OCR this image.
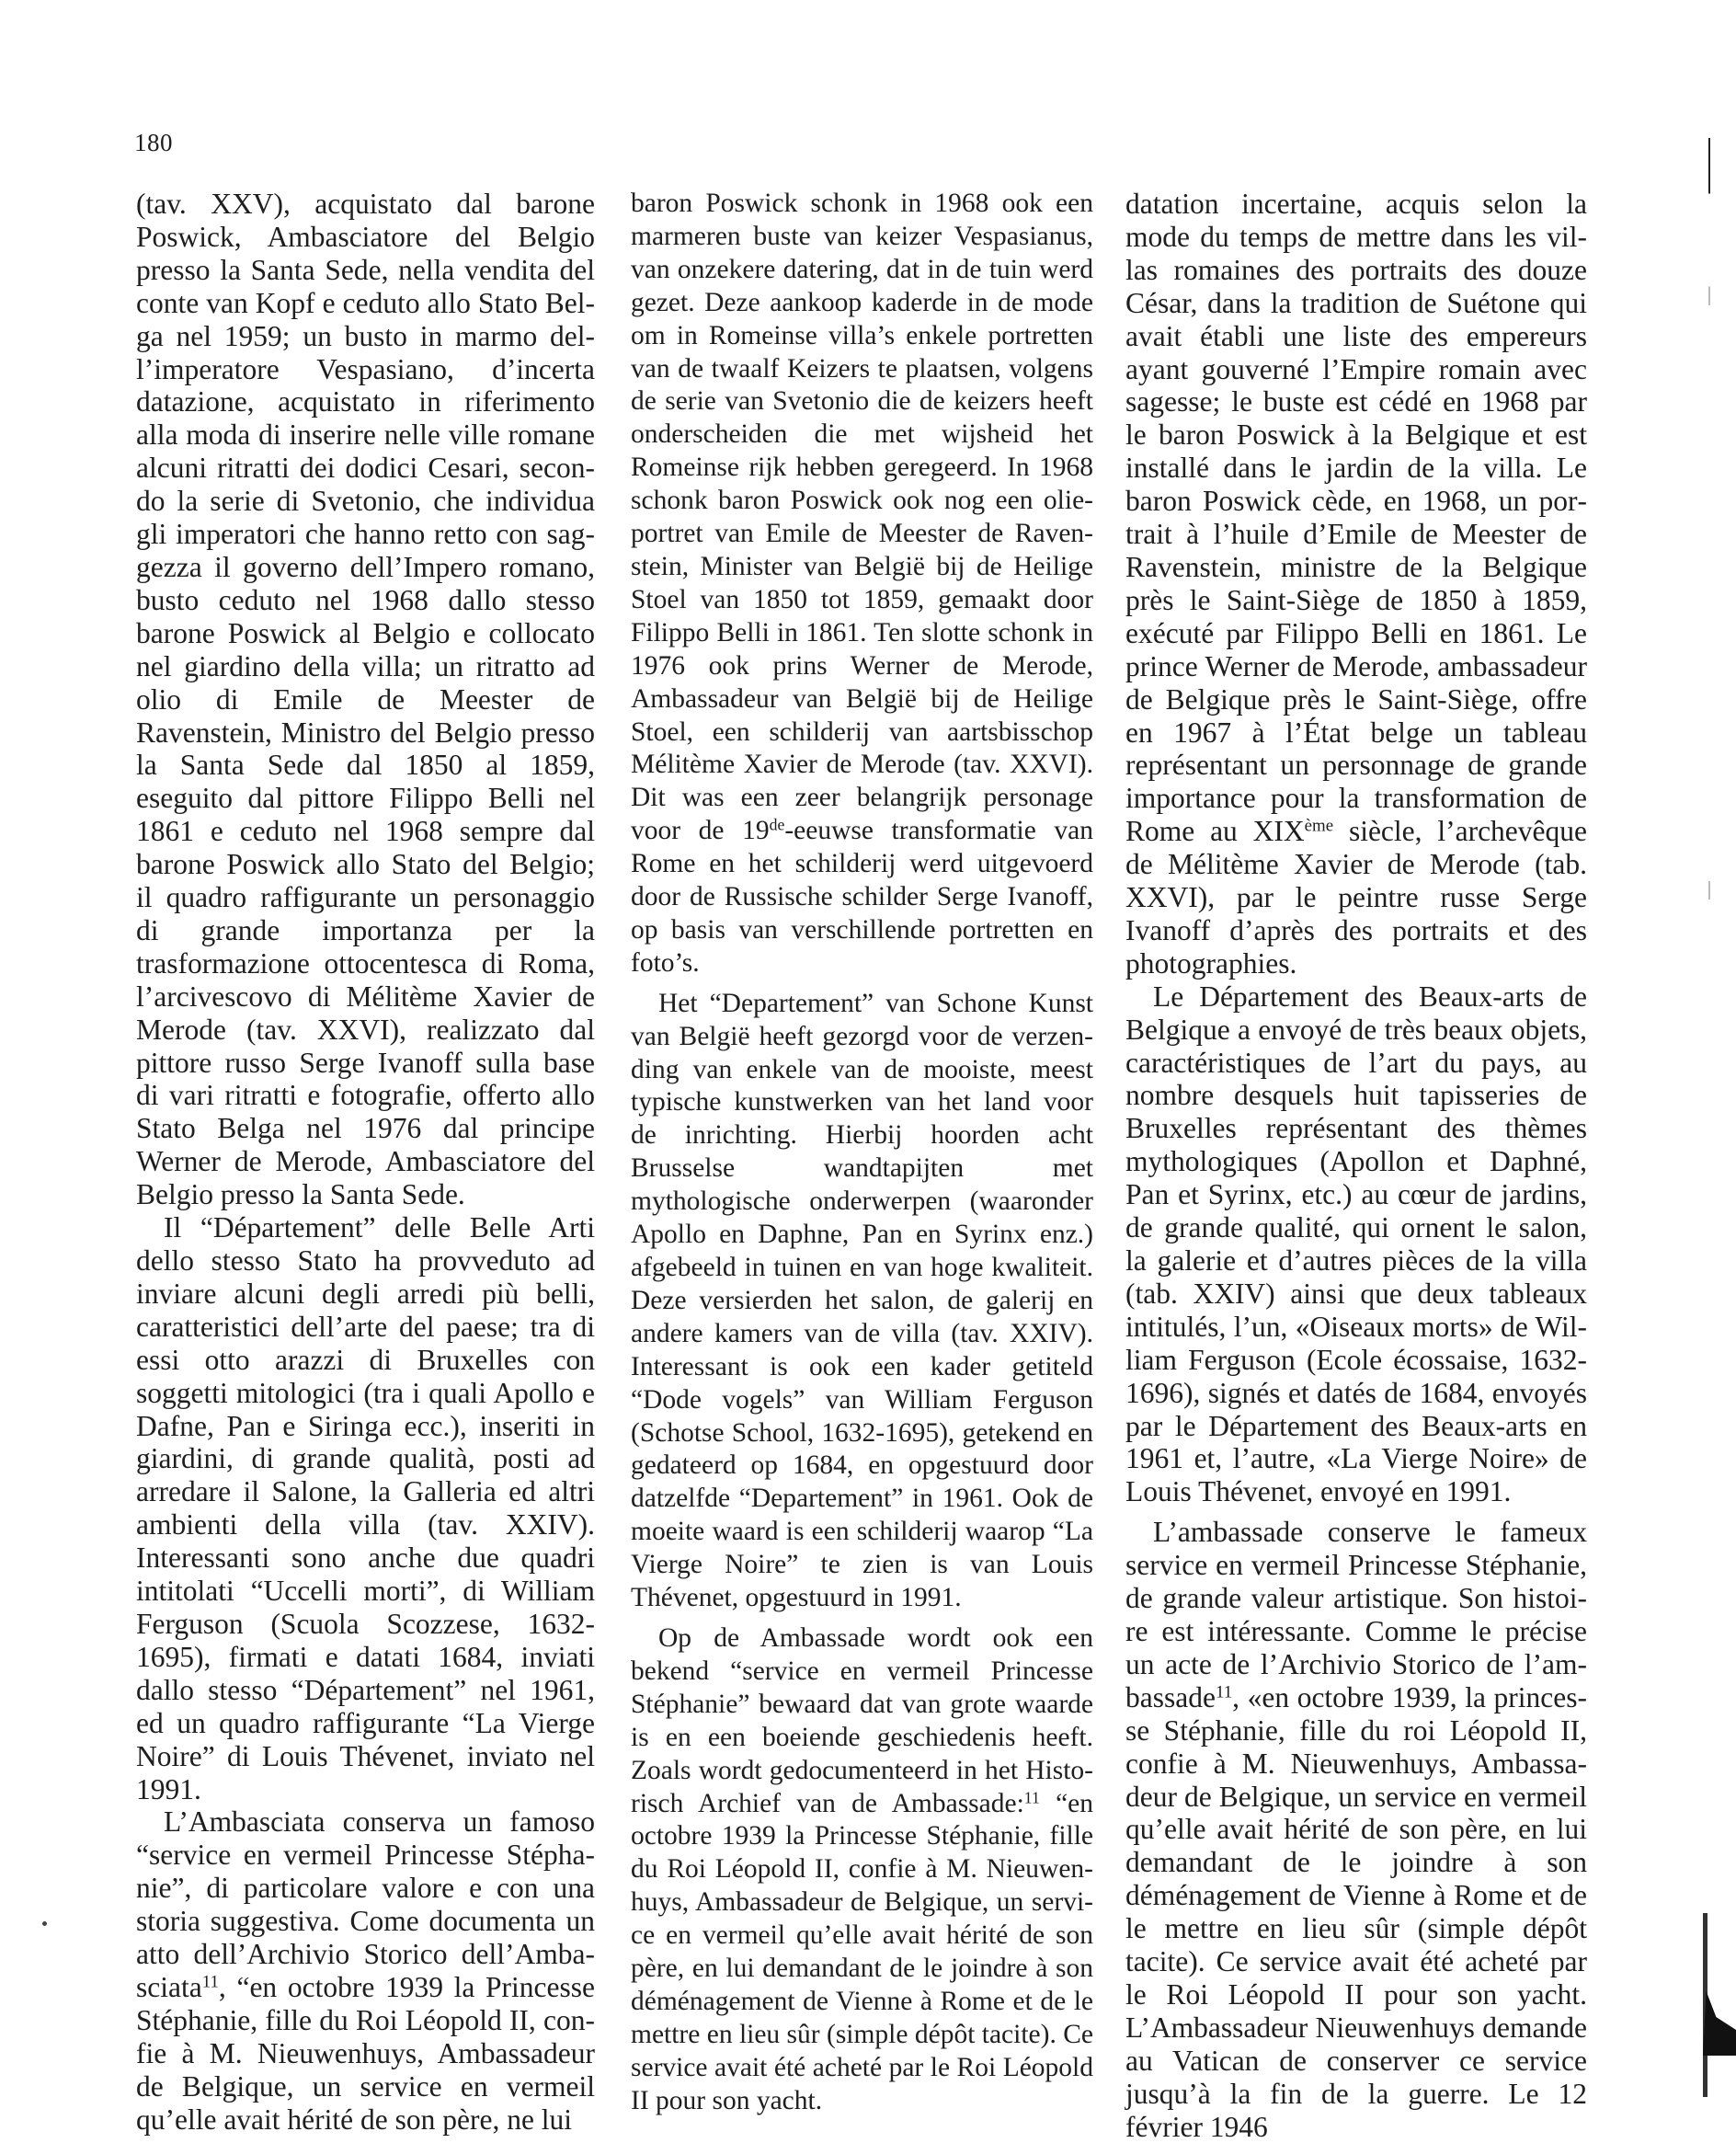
180

(tav. XXV), acquistato dal barone Poswick, Ambasciatore del Belgio presso la Santa Sede, nella vendita del conte van Kopf e ceduto allo Stato Belga nel 1959; un busto in marmo dell’imperatore Vespasiano, d’incerta datazione, acquistato in riferimento alla moda di inserire nelle ville romane alcuni ritratti dei dodici Cesari, secondo la serie di Svetonio, che individua gli imperatori che hanno retto con saggezza il governo dell’Impero romano, busto ceduto nel 1968 dallo stesso barone Poswick al Belgio e collocato nel giardino della villa; un ritratto ad olio di Emile de Meester de Ravenstein, Ministro del Belgio presso la Santa Sede dal 1850 al 1859, eseguito dal pittore Filippo Belli nel 1861 e ceduto nel 1968 sempre dal barone Poswick allo Stato del Belgio; il quadro raffigurante un personaggio di grande importanza per la trasformazione ottocentesca di Roma, l’arcivescovo di Mélitème Xavier de Merode (tav. XXVI), realizzato dal pittore russo Serge Ivanoff sulla base di vari ritratti e fotografie, offerto allo Stato Belga nel 1976 dal principe Werner de Merode, Ambasciatore del Belgio presso la Santa Sede.

Il “Département” delle Belle Arti dello stesso Stato ha provveduto ad inviare alcuni degli arredi più belli, caratteristici dell’arte del paese; tra di essi otto arazzi di Bruxelles con soggetti mitologici (tra i quali Apollo e Dafne, Pan e Siringa ecc.), inseriti in giardini, di grande qualità, posti ad arredare il Salone, la Galleria ed altri ambienti della villa (tav. XXIV). Interessanti sono anche due quadri intitolati “Uccelli morti”, di William Ferguson (Scuola Scozzese, 1632-1695), firmati e datati 1684, inviati dallo stesso “Département” nel 1961, ed un quadro raffigurante “La Vierge Noire” di Louis Thévenet, inviato nel 1991.

L’Ambasciata conserva un famoso “service en vermeil Princesse Stéphanie”, di particolare valore e con una storia suggestiva. Come documenta un atto dell’Archivio Storico dell’Ambasciata$^{11}$, “en octobre 1939 la Princesse Stéphanie, fille du Roi Léopold II, confie à M. Nieuwenhuys, Ambassadeur de Belgique, un service en vermeil qu’elle avait hérité de son père, ne lui

baron Poswick schonk in 1968 ook een marmeren buste van keizer Vespasianus, van onzekere datering, dat in de tuin werd gezet. Deze aankoop kaderde in de mode om in Romeinse villa’s enkele portretten van de twaalf Keizers te plaatsen, volgens de serie van Svetonio die de keizers heeft onderscheiden die met wijsheid het Romeinse rijk hebben geregeerd. In 1968 schonk baron Poswick ook nog een olieportret van Emile de Meester de Ravenstein, Minister van België bij de Heilige Stoel van 1850 tot 1859, gemaakt door Filippo Belli in 1861. Ten slotte schonk in 1976 ook prins Werner de Merode, Ambassadeur van België bij de Heilige Stoel, een schilderij van aartsbisschop Mélitème Xavier de Merode (tav. XXVI). Dit was een zeer belangrijk personage voor de 19de-eeuwse transformatie van Rome en het schilderij werd uitgevoerd door de Russische schilder Serge Ivanoff, op basis van verschillende portretten en foto’s.

Het “Departement” van Schone Kunst van België heeft gezorgd voor de verzending van enkele van de mooiste, meest typische kunstwerken van het land voor de inrichting. Hierbij hoorden acht Brusselse wandtapijten met mythologische onderwerpen (waaronder Apollo en Daphne, Pan en Syrinx enz.) afgebeeld in tuinen en van hoge kwaliteit. Deze versierden het salon, de galerij en andere kamers van de villa (tav. XXIV). Interessant is ook een kader getiteld “Dode vogels” van William Ferguson (Schotse School, 1632-1695), getekend en gedateerd op 1684, en opgestuurd door datzelfde “Departement” in 1961. Ook de moeite waard is een schilderij waarop “La Vierge Noire” te zien is van Louis Thévenet, opgestuurd in 1991.

Op de Ambassade wordt ook een bekend “service en vermeil Princesse Stéphanie” bewaard dat van grote waarde is en een boeiende geschiedenis heeft. Zoals wordt gedocumenteerd in het Historisch Archief van de Ambassade:$^{11}$ “en octobre 1939 la Princesse Stéphanie, fille du Roi Léopold II, confie à M. Nieuwenhuys, Ambassadeur de Belgique, un service en vermeil qu’elle avait hérité de son père, en lui demandant de le joindre à son déménagement de Vienne à Rome et de le mettre en lieu sûr (simple dépôt tacite). Ce service avait été acheté par le Roi Léopold II pour son yacht.

datation incertaine, acquis selon la mode du temps de mettre dans les villas romaines des portraits des douze César, dans la tradition de Suétone qui avait établi une liste des empereurs ayant gouverné l’Empire romain avec sagesse; le buste est cédé en 1968 par le baron Poswick à la Belgique et est installé dans le jardin de la villa. Le baron Poswick cède, en 1968, un portrait à l’huile d’Emile de Meester de Ravenstein, ministre de la Belgique près le Saint-Siège de 1850 à 1859, exécuté par Filippo Belli en 1861. Le prince Werner de Merode, ambassadeur de Belgique près le Saint-Siège, offre en 1967 à l’État belge un tableau représentant un personnage de grande importance pour la transformation de Rome au XIXème siècle, l’archevêque de Mélitème Xavier de Merode (tab. XXVI), par le peintre russe Serge Ivanoff d’après des portraits et des photographies.

Le Département des Beaux-arts de Belgique a envoyé de très beaux objets, caractéristiques de l’art du pays, au nombre desquels huit tapisseries de Bruxelles représentant des thèmes mythologiques (Apollon et Daphné, Pan et Syrinx, etc.) au cœur de jardins, de grande qualité, qui ornent le salon, la galerie et d’autres pièces de la villa (tab. XXIV) ainsi que deux tableaux intitulés, l’un, «Oiseaux morts» de William Ferguson (Ecole écossaise, 1632-1696), signés et datés de 1684, envoyés par le Département des Beaux-arts en 1961 et, l’autre, «La Vierge Noire» de Louis Thévenet, envoyé en 1991.

L’ambassade conserve le fameux service en vermeil Princesse Stéphanie, de grande valeur artistique. Son histoire est intéressante. Comme le précise un acte de l’Archivio Storico de l’ambassade$^{11}$, «en octobre 1939, la princesse Stéphanie, fille du roi Léopold II, confie à M. Nieuwenhuys, Ambassadeur de Belgique, un service en vermeil qu’elle avait hérité de son père, en lui demandant de le joindre à son déménagement de Vienne à Rome et de le mettre en lieu sûr (simple dépôt tacite). Ce service avait été acheté par le Roi Léopold II pour son yacht. L’Ambassadeur Nieuwenhuys demande au Vatican de conserver ce service jusqu’à la fin de la guerre. Le 12 février 1946
